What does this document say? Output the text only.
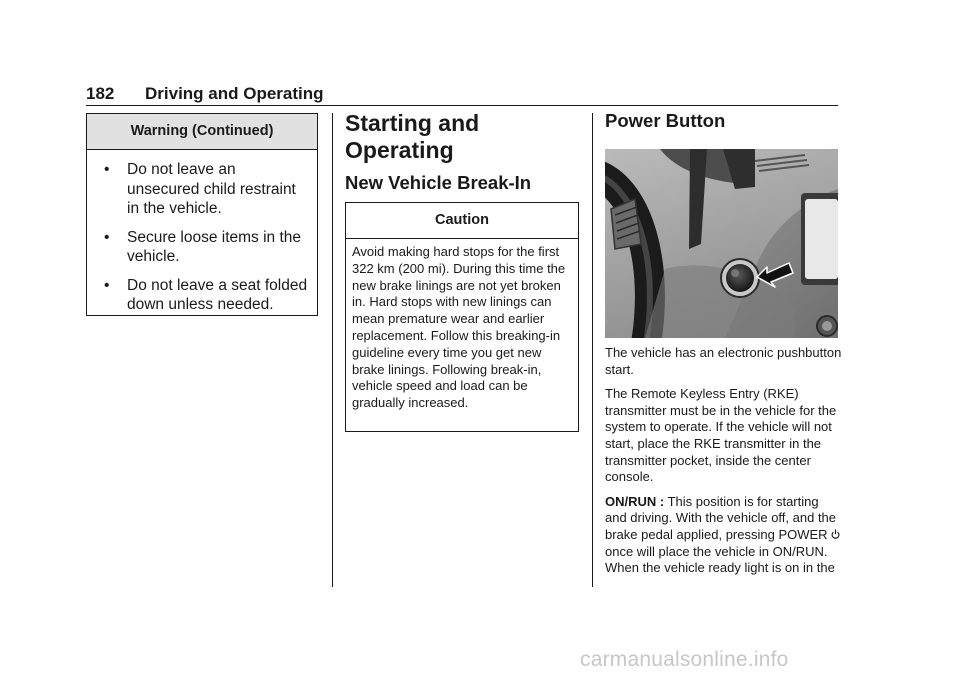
182 Driving and Operating
Warning (Continued)
• Do not leave an unsecured child restraint in the vehicle.
• Secure loose items in the vehicle.
• Do not leave a seat folded down unless needed.
Starting and Operating
New Vehicle Break-In
Caution
Avoid making hard stops for the first 322 km (200 mi). During this time the new brake linings are not yet broken in. Hard stops with new linings can mean premature wear and earlier replacement. Follow this breaking-in guideline every time you get new brake linings. Following break-in, vehicle speed and load can be gradually increased.
Power Button

The vehicle has an electronic pushbutton start.

The Remote Keyless Entry (RKE) transmitter must be in the vehicle for the system to operate. If the vehicle will not start, place the RKE transmitter in the transmitter pocket, inside the center console.

ON/RUN : This position is for starting and driving. With the vehicle off, and the brake pedal applied, pressing POWER once will place the vehicle in ON/RUN. When the vehicle ready light is on in the

carmanualsonline.info
